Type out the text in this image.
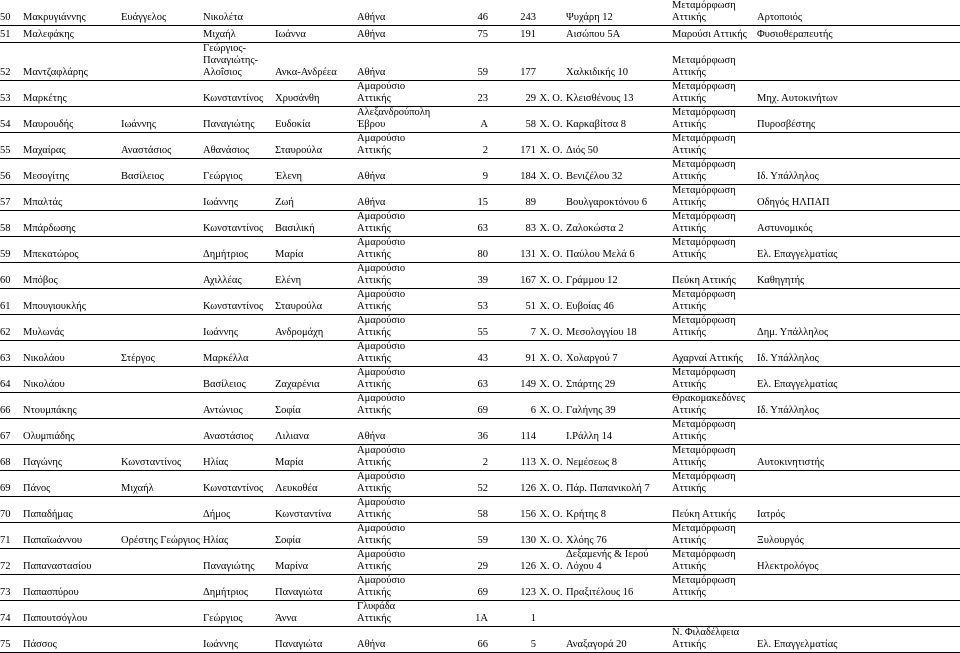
50	Μακρυγιάννης	Ευάγγελος	Νικολέτα		Αθήνα	46	243		Ψυχάρη 12	Μεταμόρφωση
Αττικής	Αρτοποιός
51	Μαλεφάκης		Μιχαήλ	Ιωάννα	Αθήνα	75	191		Αισώπου 5Α	Μαρούσι Αττικής	Φυσιοθεραπευτής
52	Μαντζαφλάρης		Γεώργιος-
Παναγιώτης-
Αλοΐσιος	Ανκα-Ανδρέεα	Αθήνα	59	177		Χαλκιδικής 10	Μεταμόρφωση
Αττικής	
53	Μαρκέτης		Κωνσταντίνος	Χρυσάνθη	Αμαρούσιο
Αττικής	23	29	Χ. Ο.	Κλεισθένους 13	Μεταμόρφωση
Αττικής	Μηχ. Αυτοκινήτων
54	Μαυρουδής	Ιωάννης	Παναγιώτης	Ευδοκία	Αλεξανδρούπολη
Έβρου	Α	58	Χ. Ο.	Καρκαβίτσα 8	Μεταμόρφωση
Αττικής	Πυροσβέστης
55	Μαχαίρας	Αναστάσιος	Αθανάσιος	Σταυρούλα	Αμαρούσιο
Αττικής	2	171	Χ. Ο.	Διός 50	Μεταμόρφωση
Αττικής	
56	Μεσογίτης	Βασίλειος	Γεώργιος	Έλενη	Αθήνα	9	184	Χ. Ο.	Βενιζέλου 32	Μεταμόρφωση
Αττικής	Ιδ. Υπάλληλος
57	Μπαλτάς		Ιωάννης	Ζωή	Αθήνα	15	89		Βουλγαροκτόνου 6	Μεταμόρφωση
Αττικής	Οδηγός ΗΛΠΑΠ
58	Μπάρδωσης		Κωνσταντίνος	Βασιλική	Αμαρούσιο
Αττικής	63	83	Χ. Ο.	Ζαλοκώστα 2	Μεταμόρφωση
Αττικής	Αστυνομικός
59	Μπεκατώρος		Δημήτριος	Μαρία	Αμαρούσιο
Αττικής	80	131	Χ. Ο.	Παύλου Μελά 6	Μεταμόρφωση
Αττικής	Ελ. Επαγγελματίας
60	Μπόβος		Αχιλλέας	Ελένη	Αμαρούσιο
Αττικής	39	167	Χ. Ο.	Γράμμου 12	Πεύκη Αττικής	Καθηγητής
61	Μπουγιουκλής		Κωνσταντίνος	Σταυρούλα	Αμαρούσιο
Αττικής	53	51	Χ. Ο.	Ευβοίας 46	Μεταμόρφωση
Αττικής	
62	Μυλωνάς		Ιωάννης	Ανδρομάχη	Αμαρούσιο
Αττικής	55	7	Χ. Ο.	Μεσολογγίου 18	Μεταμόρφωση
Αττικής	Δημ. Υπάλληλος
63	Νικολάου	Στέργος	Μαρκέλλα		Αμαρούσιο
Αττικής	43	91	Χ. Ο.	Χολαργού 7	Αχαρναί Αττικής	Ιδ. Υπάλληλος
64	Νικολάου		Βασίλειος	Ζαχαρένια	Αμαρούσιο
Αττικής	63	149	Χ. Ο.	Σπάρτης 29	Μεταμόρφωση
Αττικής	Ελ. Επαγγελματίας
66	Ντουμπάκης		Αντώνιος	Σοφία	Αμαρούσιο
Αττικής	69	6	Χ. Ο.	Γαλήνης 39	Θρακομακεδόνες
Αττικής	Ιδ. Υπάλληλος
67	Ολυμπιάδης		Αναστάσιος	Λιλιανα	Αθήνα	36	114		Ι.Ράλλη 14	Μεταμόρφωση
Αττικής	
68	Παγώνης	Κωνσταντίνος	Ηλίας	Μαρία	Αμαρούσιο
Αττικής	2	113	Χ. Ο.	Νεμέσεως 8	Μεταμόρφωση
Αττικής	Αυτοκινητιστής
69	Πάνος	Μιχαήλ	Κωνσταντίνος	Λευκοθέα	Αμαρούσιο
Αττικής	52	126	Χ. Ο.	Πάρ. Παπανικολή 7	Μεταμόρφωση
Αττικής	
70	Παπαδήμας		Δήμος	Κωνσταντίνα	Αμαρούσιο
Αττικής	58	156	Χ. Ο.	Κρήτης 8	Πεύκη Αττικής	Ιατρός
71	Παπαϊωάννου	Ορέστης Γεώργιος	Ηλίας	Σοφία	Αμαρούσιο
Αττικής	59	130	Χ. Ο.	Χλόης 76	Μεταμόρφωση
Αττικής	Ξυλουργός
72	Παπαναστασίου		Παναγιώτης	Μαρίνα	Αμαρούσιο
Αττικής	29	126	Χ. Ο.	Δεξαμενής & Ιερού
Λόχου 4	Μεταμόρφωση
Αττικής	Ηλεκτρολόγος
73	Παπασπύρου		Δημήτριος	Παναγιώτα	Αμαρούσιο
Αττικής	69	123	Χ. Ο.	Πραξιτέλους 16	Μεταμόρφωση
Αττικής	
74	Παπουτσόγλου		Γεώργιος	Άννα	Γλυφάδα
Αττικής	1Α	1				
75	Πάσσος		Ιωάννης	Παναγιώτα	Αθήνα	66	5		Αναξαγορά 20	Ν. Φιλαδέλφεια
Αττικής	Ελ. Επαγγελματίας
